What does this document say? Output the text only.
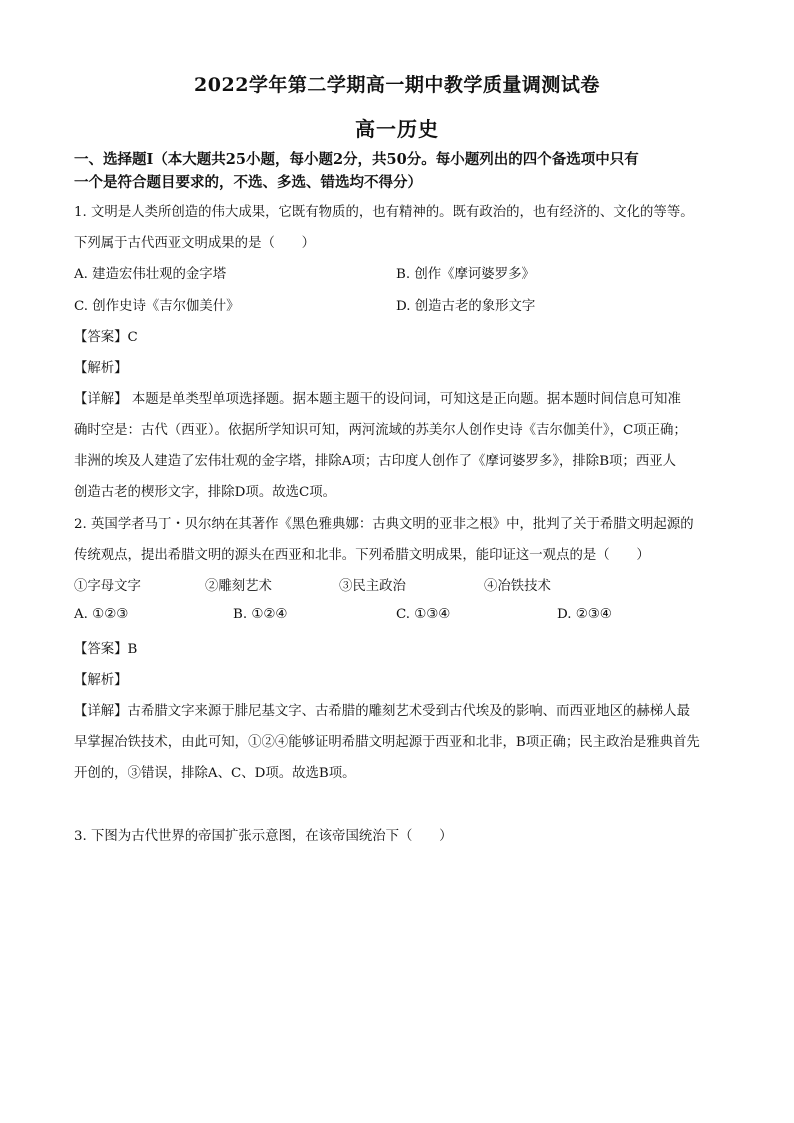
2022学年第二学期高一期中教学质量调测试卷
高一历史
一、选择题Ⅰ（本大题共25小题，每小题2分，共50分。每小题列出的四个备选项中只有
一个是符合题目要求的，不选、多选、错选均不得分）
1. 文明是人类所创造的伟大成果，它既有物质的，也有精神的。既有政治的，也有经济的、文化的等等。
下列属于古代西亚文明成果的是（　　）
A. 建造宏伟壮观的金字塔	B. 创作《摩诃婆罗多》
C. 创作史诗《吉尔伽美什》	D. 创造古老的象形文字
【答案】C
【解析】
【详解】 本题是单类型单项选择题。据本题主题干的设问词，可知这是正向题。据本题时间信息可知准
确时空是：古代（西亚）。依据所学知识可知，两河流域的苏美尔人创作史诗《吉尔伽美什》，C项正确；
非洲的埃及人建造了宏伟壮观的金字塔，排除A项；古印度人创作了《摩诃婆罗多》，排除B项；西亚人
创造古老的楔形文字，排除D项。故选C项。
2. 英国学者马丁・贝尔纳在其著作《黑色雅典娜：古典文明的亚非之根》中，批判了关于希腊文明起源的
传统观点，提出希腊文明的源头在西亚和北非。下列希腊文明成果，能印证这一观点的是（　　）
①字母文字	②雕刻艺术	③民主政治	④冶铁技术
A. ①②③	B. ①②④	C. ①③④	D. ②③④
【答案】B
【解析】
【详解】古希腊文字来源于腓尼基文字、古希腊的雕刻艺术受到古代埃及的影响、而西亚地区的赫梯人最
早掌握冶铁技术，由此可知，①②④能够证明希腊文明起源于西亚和北非，B项正确；民主政治是雅典首先
开创的，③错误，排除A、C、D项。故选B项。
3. 下图为古代世界的帝国扩张示意图，在该帝国统治下（　　）
